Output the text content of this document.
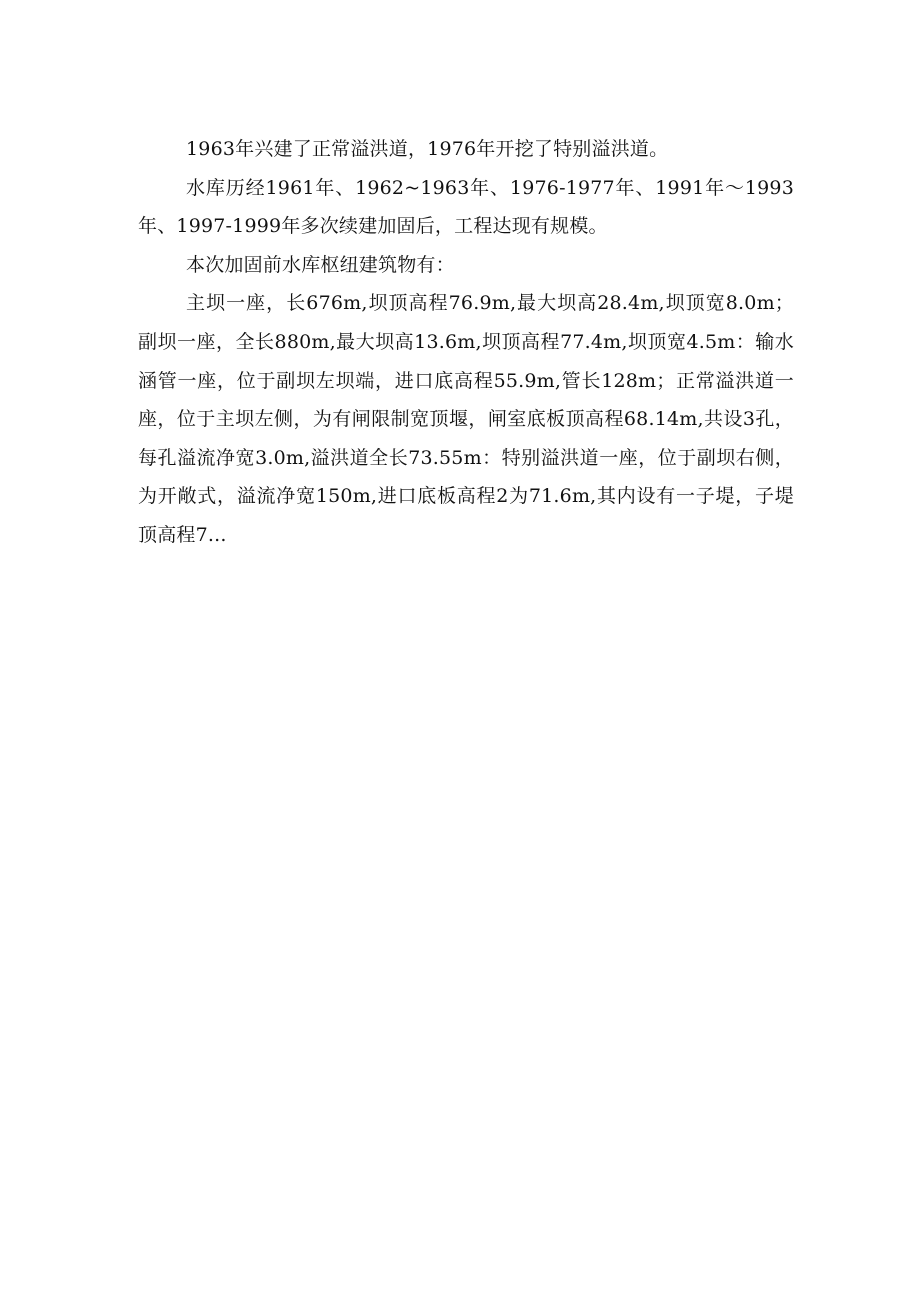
1963年兴建了正常溢洪道，1976年开挖了特别溢洪道。

水库历经1961年、1962~1963年、1976-1977年、1991年～1993年、1997-1999年多次续建加固后，工程达现有规模。

本次加固前水库枢纽建筑物有：

主坝一座，长676m,坝顶高程76.9m,最大坝高28.4m,坝顶宽8.0m；副坝一座，全长880m,最大坝高13.6m,坝顶高程77.4m,坝顶宽4.5m：输水涵管一座，位于副坝左坝端，进口底高程55.9m,管长128m；正常溢洪道一座，位于主坝左侧，为有闸限制宽顶堰，闸室底板顶高程68.14m,共设3孔，每孔溢流净宽3.0m,溢洪道全长73.55m：特别溢洪道一座，位于副坝右侧，为开敞式，溢流净宽150m,进口底板高程2为71.6m,其内设有一子堤，子堤顶高程7...
